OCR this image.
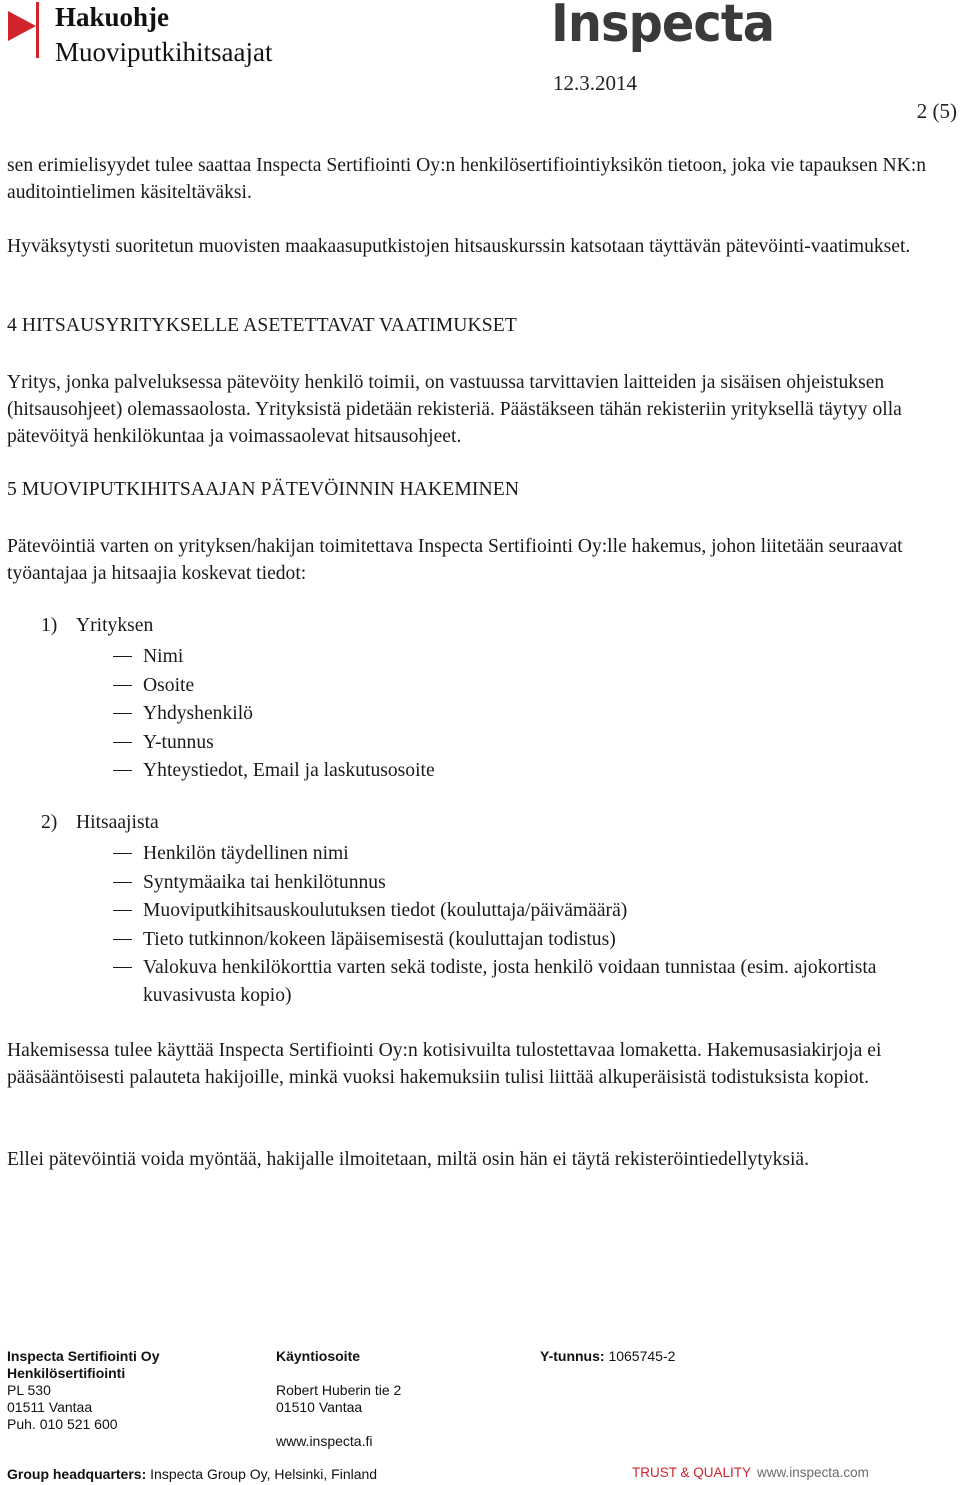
Hakuohje
Muoviputkihitsaajat	Inspecta
12.3.2014
2 (5)

sen erimielisyydet tulee saattaa Inspecta Sertifiointi Oy:n henkilösertifiointiyksikön tietoon, joka vie tapauksen NK:n auditointielimen käsiteltäväksi.

Hyväksytysti suoritetun muovisten maakaasuputkistojen hitsauskurssin katsotaan täyttävän pätevöinti-vaatimukset.

4 HITSAUSYRITYKSELLE ASETETTAVAT VAATIMUKSET

Yritys, jonka palveluksessa pätevöity henkilö toimii, on vastuussa tarvittavien laitteiden ja sisäisen ohjeistuksen (hitsausohjeet) olemassaolosta. Yrityksistä pidetään rekisteriä. Päästäkseen tähän rekisteriin yrityksellä täytyy olla pätevöityä henkilökuntaa ja voimassaolevat hitsausohjeet.

5 MUOVIPUTKIHITSAAJAN PÄTEVÖINNIN HAKEMINEN

Pätevöintiä varten on yrityksen/hakijan toimitettava Inspecta Sertifiointi Oy:lle hakemus, johon liitetään seuraavat työantajaa ja hitsaajia koskevat tiedot:

1) Yrityksen
Nimi
Osoite
Yhdyshenkilö
Y-tunnus
Yhteystiedot, Email ja laskutusosoite
2) Hitsaajista
Henkilön täydellinen nimi
Syntymäaika tai henkilötunnus
Muoviputkihitsauskoulutuksen tiedot (kouluttaja/päivämäärä)
Tieto tutkinnon/kokeen läpäisemisestä (kouluttajan todistus)
Valokuva henkilökorttia varten sekä todiste, josta henkilö voidaan tunnistaa (esim. ajokortista kuvasivusta kopio)

Hakemisessa tulee käyttää Inspecta Sertifiointi Oy:n kotisivuilta tulostettavaa lomaketta. Hakemusasiakirjoja ei pääsääntöisesti palauteta hakijoille, minkä vuoksi hakemuksiin tulisi liittää alkuperäisistä todistuksista kopiot.

Ellei pätevöintiä voida myöntää, hakijalle ilmoitetaan, miltä osin hän ei täytä rekisteröintiedellytyksiä.

Inspecta Sertifiointi Oy
Henkilösertifiointi
PL 530
01511 Vantaa
Puh. 010 521 600
Käyntiosoite
Robert Huberin tie 2
01510 Vantaa
www.inspecta.fi
Y-tunnus: 1065745-2
Group headquarters: Inspecta Group Oy, Helsinki, Finland	TRUST & QUALITY www.inspecta.com
